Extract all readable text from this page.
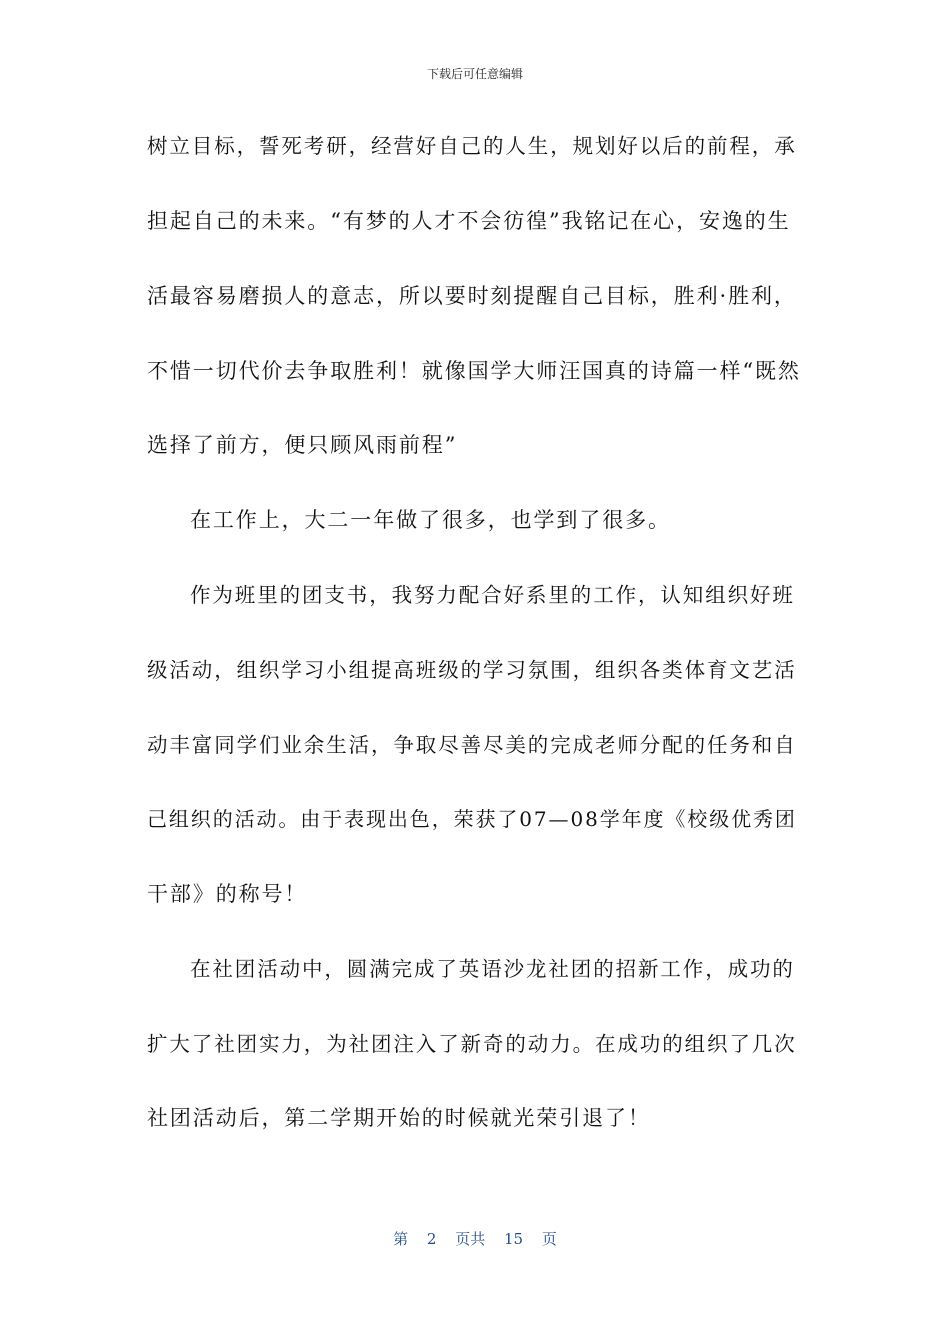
下载后可任意编辑
树立目标，誓死考研，经营好自己的人生，规划好以后的前程，承
担起自己的未来。“有梦的人才不会彷徨”我铭记在心，安逸的生
活最容易磨损人的意志，所以要时刻提醒自己目标，胜利·胜利，
不惜一切代价去争取胜利！就像国学大师汪国真的诗篇一样“既然
选择了前方，便只顾风雨前程”
在工作上，大二一年做了很多，也学到了很多。
作为班里的团支书，我努力配合好系里的工作，认知组织好班
级活动，组织学习小组提高班级的学习氛围，组织各类体育文艺活
动丰富同学们业余生活，争取尽善尽美的完成老师分配的任务和自
己组织的活动。由于表现出色，荣获了07—08学年度《校级优秀团
干部》的称号！
在社团活动中，圆满完成了英语沙龙社团的招新工作，成功的
扩大了社团实力，为社团注入了新奇的动力。在成功的组织了几次
社团活动后，第二学期开始的时候就光荣引退了！
第 2 页共 15 页
